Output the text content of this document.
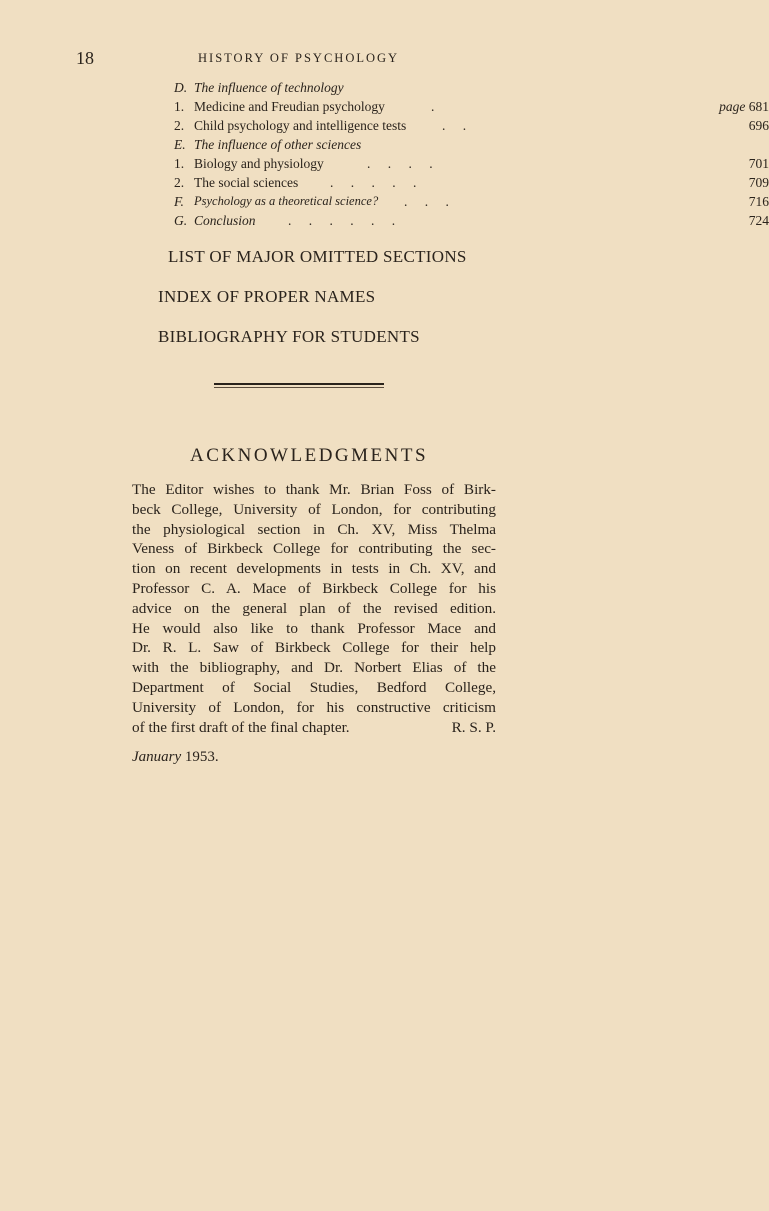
18	HISTORY OF PSYCHOLOGY
D. The influence of technology
1. Medicine and Freudian psychology	.	page 681
2. Child psychology and intelligence tests	. .	696
E. The influence of other sciences
1. Biology and physiology	. . . .	701
2. The social sciences . . . . .	709
F. Psychology as a theoretical science? . . .	716
G. Conclusion . . . . . .	724
LIST OF MAJOR OMITTED SECTIONS
INDEX OF PROPER NAMES
BIBLIOGRAPHY FOR STUDENTS
ACKNOWLEDGMENTS
The Editor wishes to thank Mr. Brian Foss of Birk-
beck College, University of London, for contributing
the physiological section in Ch. XV, Miss Thelma
Veness of Birkbeck College for contributing the sec-
tion on recent developments in tests in Ch. XV, and
Professor C. A. Mace of Birkbeck College for his
advice on the general plan of the revised edition.
He would also like to thank Professor Mace and
Dr. R. L. Saw of Birkbeck College for their help
with the bibliography, and Dr. Norbert Elias of the
Department of Social Studies, Bedford College,
University of London, for his constructive criticism
of the first draft of the final chapter.	R. S. P.
January 1953.
